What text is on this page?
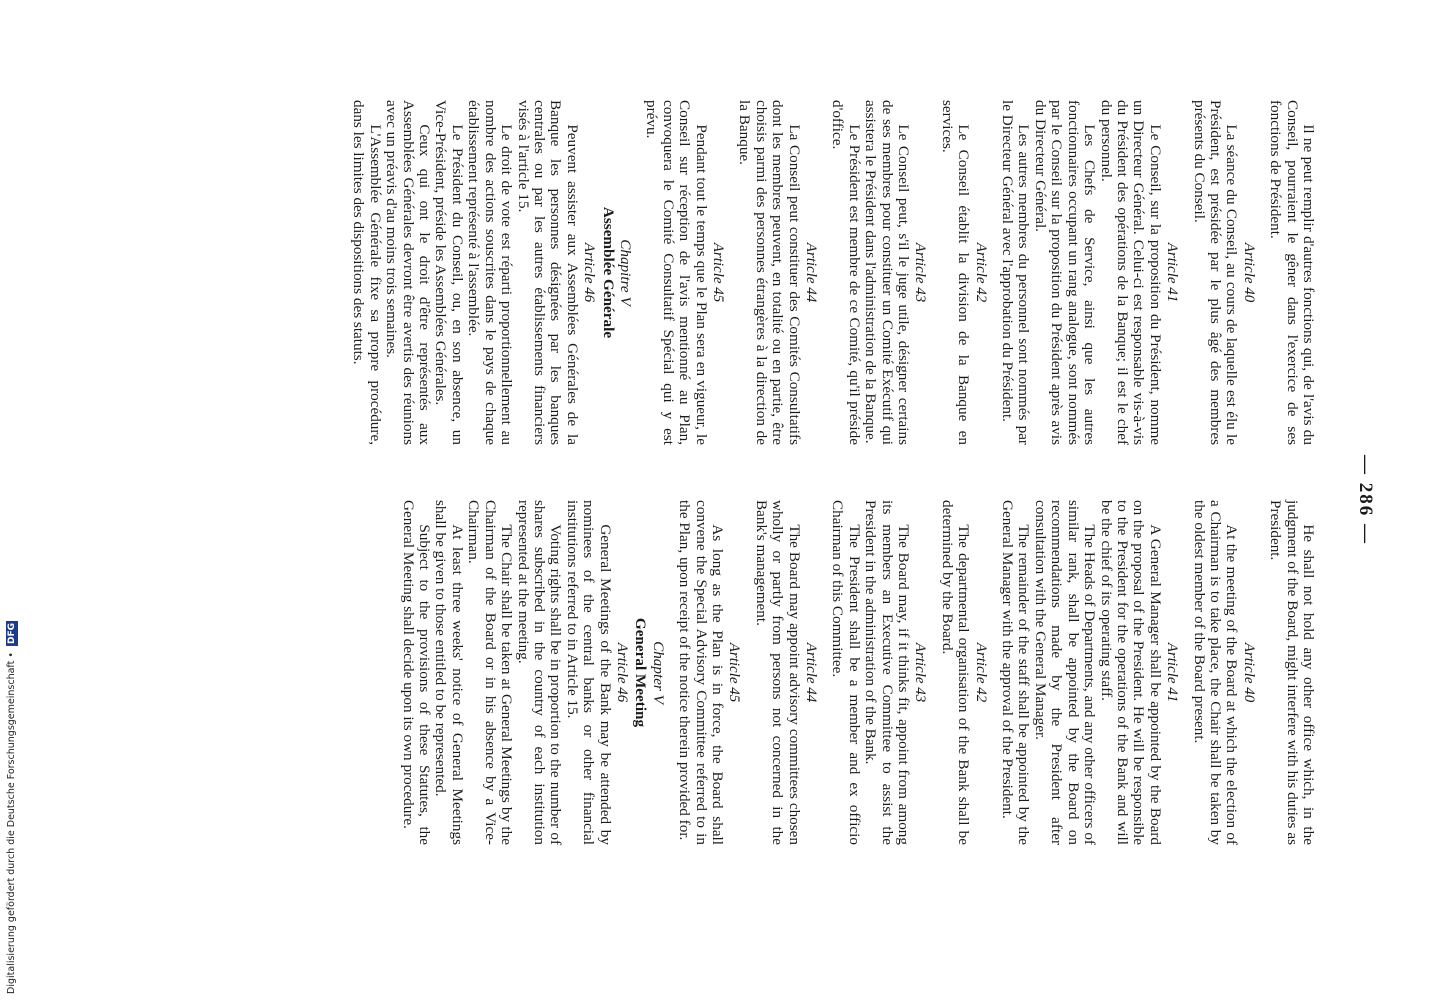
— 286 —

Il ne peut remplir d'autres fonctions qui, de l'avis du Conseil, pourraient le gêner dans l'exercice de ses fonctions de Président.

Article 40

La séance du Conseil, au cours de laquelle est élu le Président, est présidée par le plus âgé des membres présents du Conseil.

Article 41

Le Conseil, sur la proposition du Président, nomme un Directeur Général. Celui-ci est responsable vis-à-vis du Président des opérations de la Banque; il est le chef du personnel.

Les Chefs de Service, ainsi que les autres fonctionnaires occupant un rang analogue, sont nommés par le Conseil sur la proposition du Président après avis du Directeur Général.

Les autres membres du personnel sont nommés par le Directeur Général avec l'approbation du Président.

Article 42

Le Conseil établit la division de la Banque en services.

Article 43

Le Conseil peut, s'il le juge utile, désigner certains de ses membres pour constituer un Comité Exécutif qui assistera le Président dans l'administration de la Banque.

Le Président est membre de ce Comité, qu'il préside d'office.

Article 44

La Conseil peut constituer des Comités Consultatifs dont les membres peuvent, en totalité ou en partie, être choisis parmi des personnes étrangères à la direction de la Banque.

Article 45

Pendant tout le temps que le Plan sera en vigueur, le Conseil sur réception de l'avis mentionné au Plan, convoquera le Comité Consultatif Spécial qui y est prévu.

Chapitre V
Assemblée Générale
Article 46

Peuvent assister aux Assemblées Générales de la Banque les personnes désignées par les banques centrales ou par les autres établissements financiers visés à l'article 15.

Le droit de vote est réparti proportionnellement au nombre des actions souscrites dans le pays de chaque établissement représenté à l'assemblée.

Le Président du Conseil, ou, en son absence, un Vice-Président, préside les Assemblées Générales.

Ceux qui ont le droit d'être représentés aux Assemblées Générales devront être avertis des réunions avec un préavis d'au moins trois semaines.

L'Assemblée Générale fixe sa propre procédure, dans les limites des dispositions des statuts.

He shall not hold any other office which, in the judgment of the Board, might interfere with his duties as President.

Article 40

At the meeting of the Board at which the election of a Chairman is to take place, the Chair shall be taken by the oldest member of the Board present.

Article 41

A General Manager shall be appointed by the Board on the proposal of the President. He will be responsible to the President for the operations of the Bank and will be the chief of its operating staff.

The Heads of Departments, and any other officers of similar rank, shall be appointed by the Board on recommendations made by the President after consultation with the General Manager.

The remainder of the staff shall be appointed by the General Manager with the approval of the President.

Article 42

The departmental organisation of the Bank shall be determined by the Board.

Article 43

The Board may, if it thinks fit, appoint from among its members an Executive Committee to assist the President in the administration of the Bank.

The President shall be a member and ex officio Chairman of this Committee.

Article 44

The Board may appoint advisory committees chosen wholly or partly from persons not concerned in the Bank's management.

Article 45

As long as the Plan is in force, the Board shall convene the Special Advisory Committee referred to in the Plan, upon receipt of the notice therein provided for.

Chapter V
General Meeting
Article 46

General Meetings of the Bank may be attended by nominees of the central banks or other financial institutions referred to in Article 15.

Voting rights shall be in proportion to the number of shares subscribed in the country of each institution represented at the meeting.

The Chair shall be taken at General Meetings by the Chairman of the Board or in his absence by a Vice-Chairman.

At least three weeks' notice of General Meetings shall be given to those entitled to be represented.

Subject to the provisions of these Statutes, the General Meeting shall decide upon its own procedure.

Digitalisierung gefördert durch die Deutsche Forschungsgemeinschaft • DFG
